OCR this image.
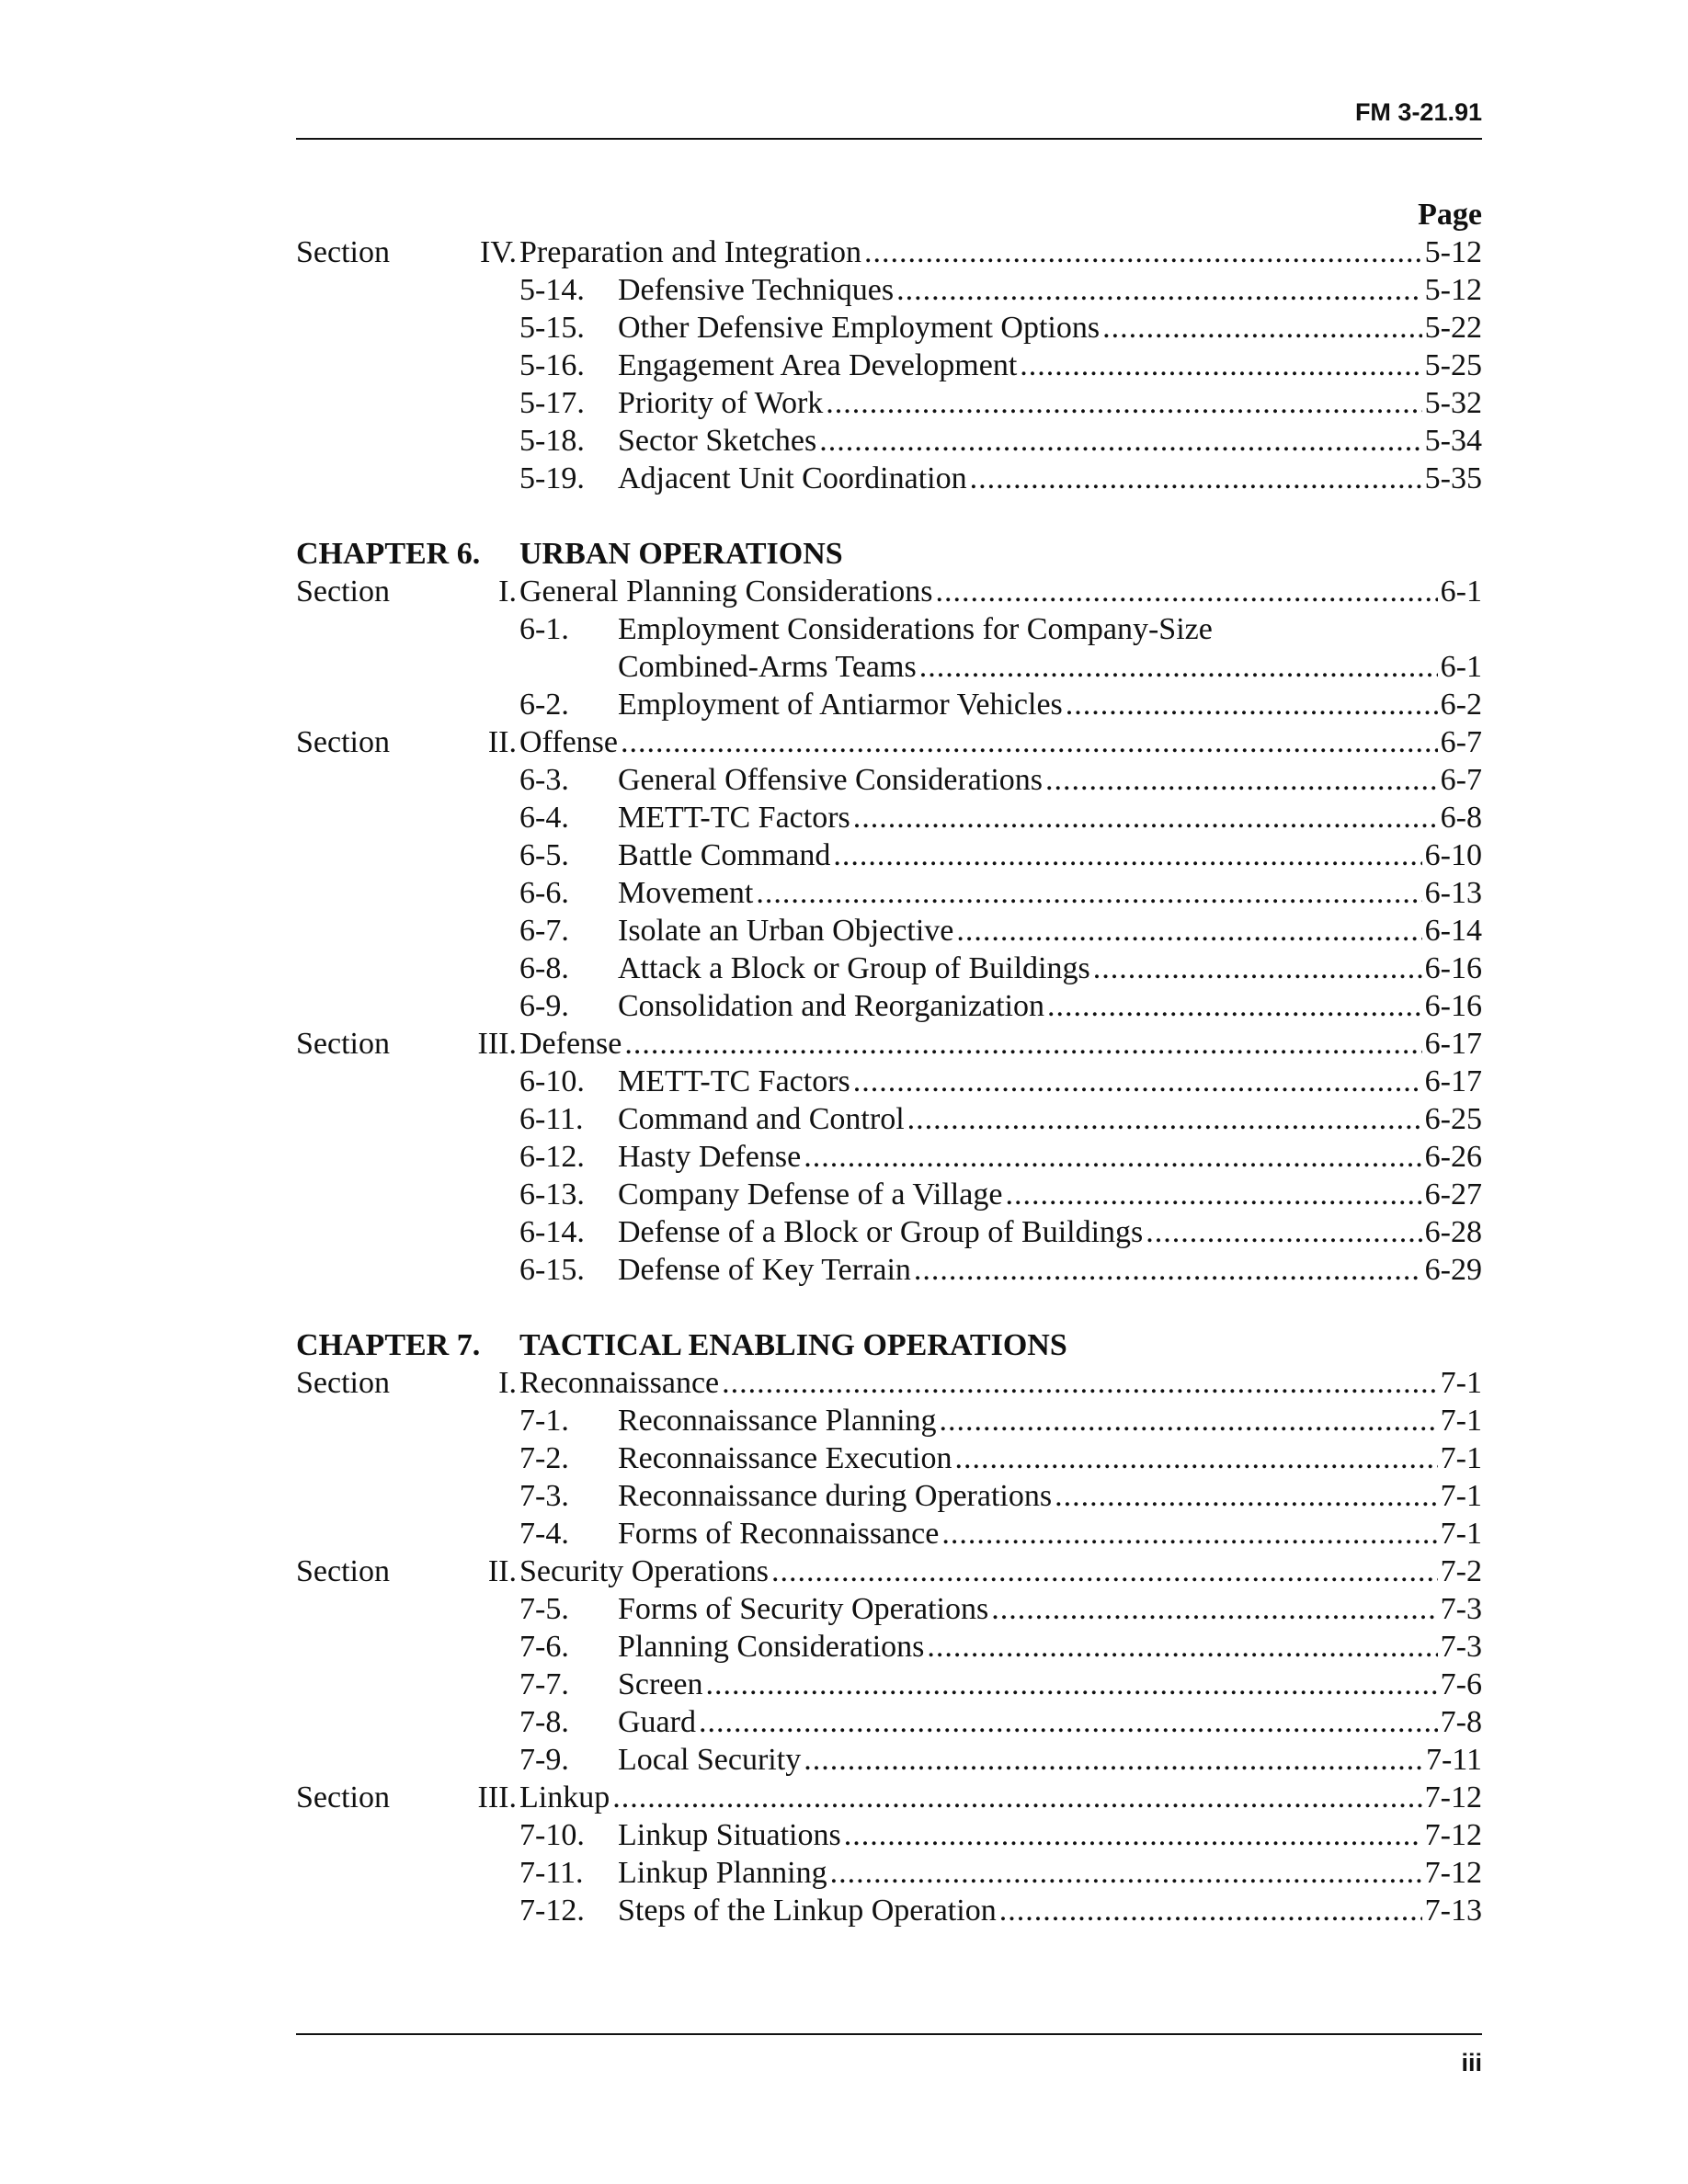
FM 3-21.91
Page
Section	IV. Preparation and Integration .....	5-12
5-14. Defensive Techniques .....	5-12
5-15. Other Defensive Employment Options .....	5-22
5-16. Engagement Area Development .....	5-25
5-17. Priority of Work .....	5-32
5-18. Sector Sketches .....	5-34
5-19. Adjacent Unit Coordination .....	5-35
CHAPTER 6. URBAN OPERATIONS
Section	I. General Planning Considerations .....	6-1
6-1. Employment Considerations for Company-Size
Combined-Arms Teams .....	6-1
6-2. Employment of Antiarmor Vehicles .....	6-2
Section	II. Offense .....	6-7
6-3. General Offensive Considerations .....	6-7
6-4. METT-TC Factors .....	6-8
6-5. Battle Command .....	6-10
6-6. Movement .....	6-13
6-7. Isolate an Urban Objective .....	6-14
6-8. Attack a Block or Group of Buildings .....	6-16
6-9. Consolidation and Reorganization .....	6-16
Section	III. Defense .....	6-17
6-10. METT-TC Factors .....	6-17
6-11. Command and Control .....	6-25
6-12. Hasty Defense .....	6-26
6-13. Company Defense of a Village .....	6-27
6-14. Defense of a Block or Group of Buildings .....	6-28
6-15. Defense of Key Terrain .....	6-29
CHAPTER 7. TACTICAL ENABLING OPERATIONS
Section	I. Reconnaissance .....	7-1
7-1. Reconnaissance Planning .....	7-1
7-2. Reconnaissance Execution .....	7-1
7-3. Reconnaissance during Operations .....	7-1
7-4. Forms of Reconnaissance .....	7-1
Section	II. Security Operations .....	7-2
7-5. Forms of Security Operations .....	7-3
7-6. Planning Considerations .....	7-3
7-7. Screen .....	7-6
7-8. Guard .....	7-8
7-9. Local Security .....	7-11
Section	III. Linkup .....	7-12
7-10. Linkup Situations .....	7-12
7-11. Linkup Planning .....	7-12
7-12. Steps of the Linkup Operation .....	7-13
iii
